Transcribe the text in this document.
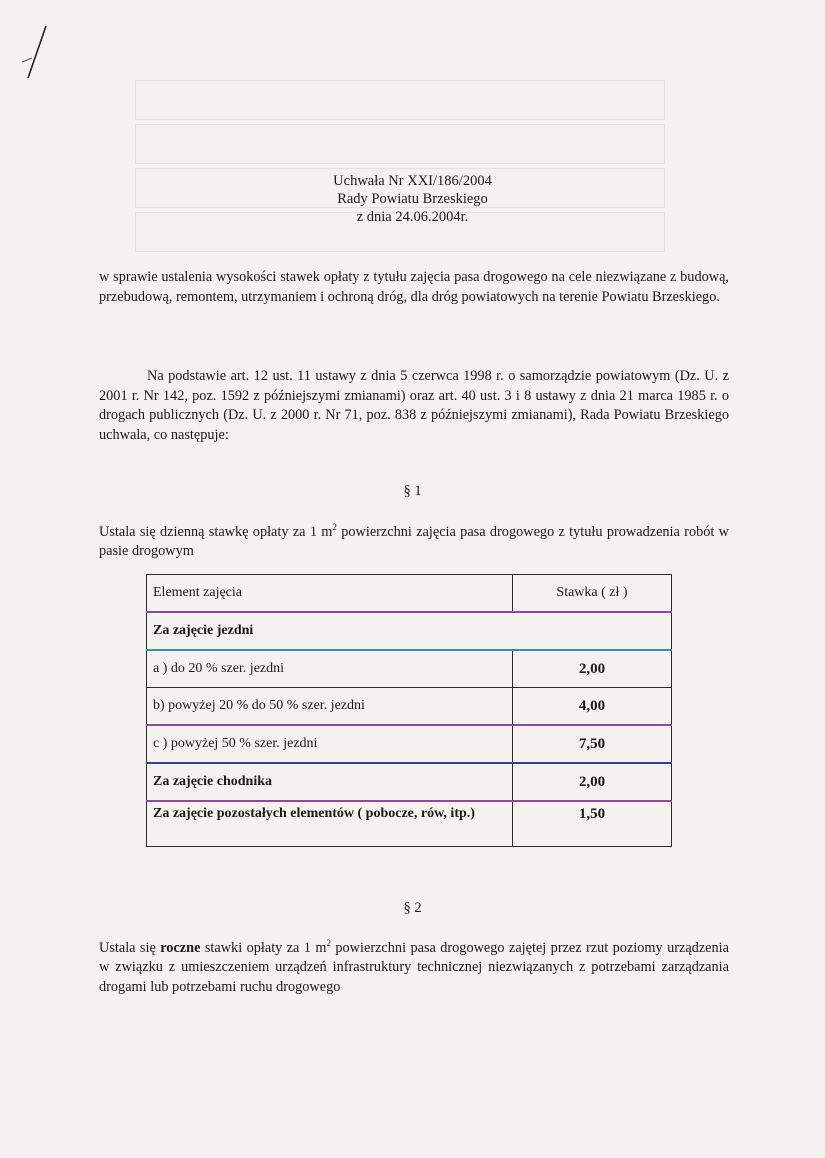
Uchwała Nr XXI/186/2004
Rady Powiatu Brzeskiego
z dnia 24.06.2004r.
w sprawie ustalenia wysokości stawek opłaty z tytułu zajęcia pasa drogowego na cele niezwiązane z budową, przebudową, remontem, utrzymaniem i ochroną dróg, dla dróg powiatowych na terenie Powiatu Brzeskiego.
Na podstawie art. 12 ust. 11 ustawy z dnia 5 czerwca 1998 r. o samorządzie powiatowym (Dz. U. z 2001 r. Nr 142, poz. 1592 z późniejszymi zmianami) oraz art. 40 ust. 3 i 8 ustawy z dnia 21 marca 1985 r. o drogach publicznych (Dz. U. z 2000 r. Nr 71, poz. 838 z późniejszymi zmianami), Rada Powiatu Brzeskiego uchwala, co następuje:
§ 1
Ustala się dzienną stawkę opłaty za 1 $m^2$ powierzchni zajęcia pasa drogowego z tytułu prowadzenia robót w pasie drogowym
Element zajęcia	Stawka ( zł )
Za zajęcie jezdni	
a ) do 20 % szer. jezdni	2,00
b) powyżej 20 % do 50 % szer. jezdni	4,00
c ) powyżej 50 % szer. jezdni	7,50
Za zajęcie chodnika	2,00
Za zajęcie pozostałych elementów ( pobocze, rów, itp.)	1,50
§ 2
Ustala się roczne stawki opłaty za 1 $m^2$ powierzchni pasa drogowego zajętej przez rzut poziomy urządzenia w związku z umieszczeniem urządzeń infrastruktury technicznej niezwiązanych z potrzebami zarządzania drogami lub potrzebami ruchu drogowego
